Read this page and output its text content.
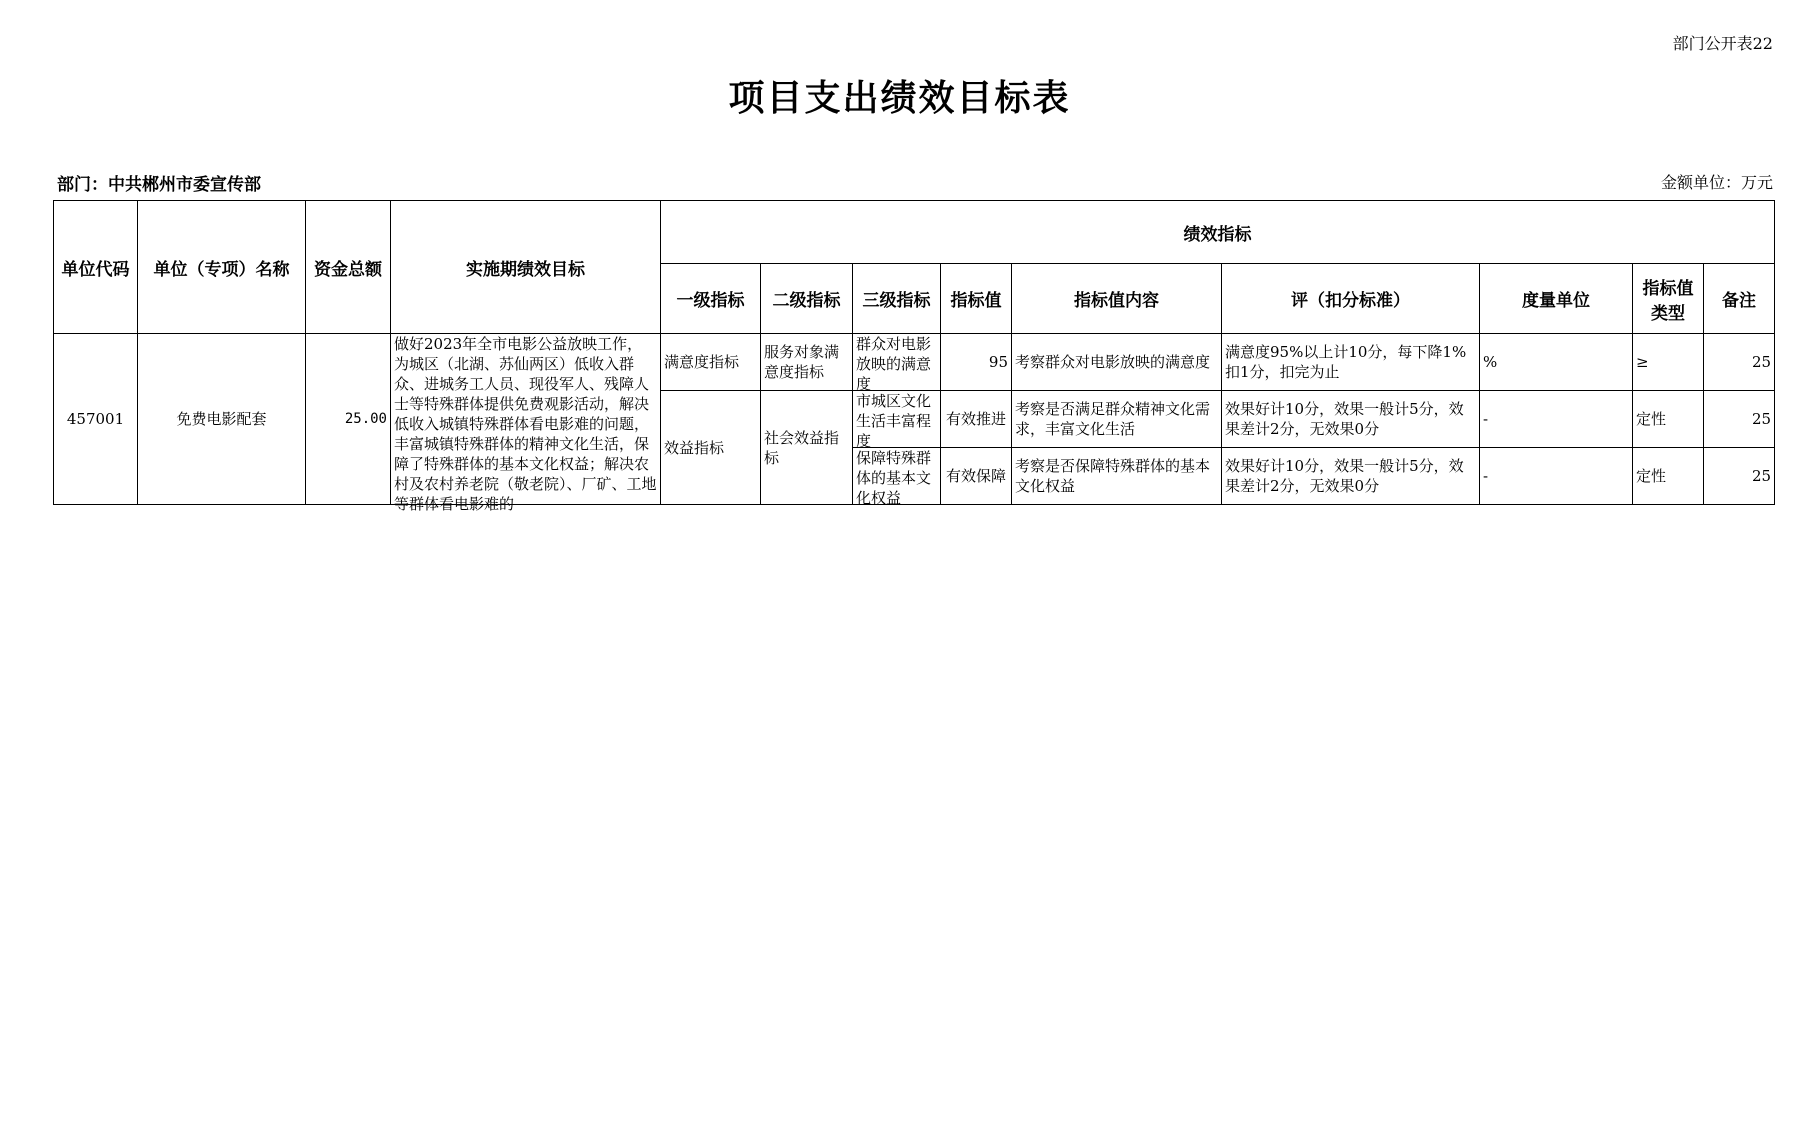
部门公开表22
项目支出绩效目标表
部门：中共郴州市委宣传部	金额单位：万元
单位代码	单位（专项）名称	资金总额	实施期绩效目标	绩效指标								
				一级指标	二级指标	三级指标	指标值	指标值内容	评（扣分标准）	度量单位	指标值类型	备注
457001	免费电影配套	25.00	做好2023年全市电影公益放映工作，为城区（北湖、苏仙两区）低收入群众、进城务工人员、现役军人、残障人士等特殊群体提供免费观影活动，解决低收入城镇特殊群体看电影难的问题，丰富城镇特殊群体的精神文化生活，保障了特殊群体的基本文化权益；解决农村及农村养老院（敬老院）、厂矿、工地等群体看电影难的	满意度指标	服务对象满意度指标	群众对电影放映的满意度	95	考察群众对电影放映的满意度	满意度95%以上计10分，每下降1%扣1分，扣完为止	%	≥	25
				效益指标	社会效益指标	市城区文化生活丰富程度	有效推进	考察是否满足群众精神文化需求，丰富文化生活	效果好计10分，效果一般计5分，效果差计2分，无效果0分	-	定性	25

						保障特殊群体的基本文化权益	有效保障	考察是否保障特殊群体的基本文化权益	效果好计10分，效果一般计5分，效果差计2分，无效果0分	-	定性	25
